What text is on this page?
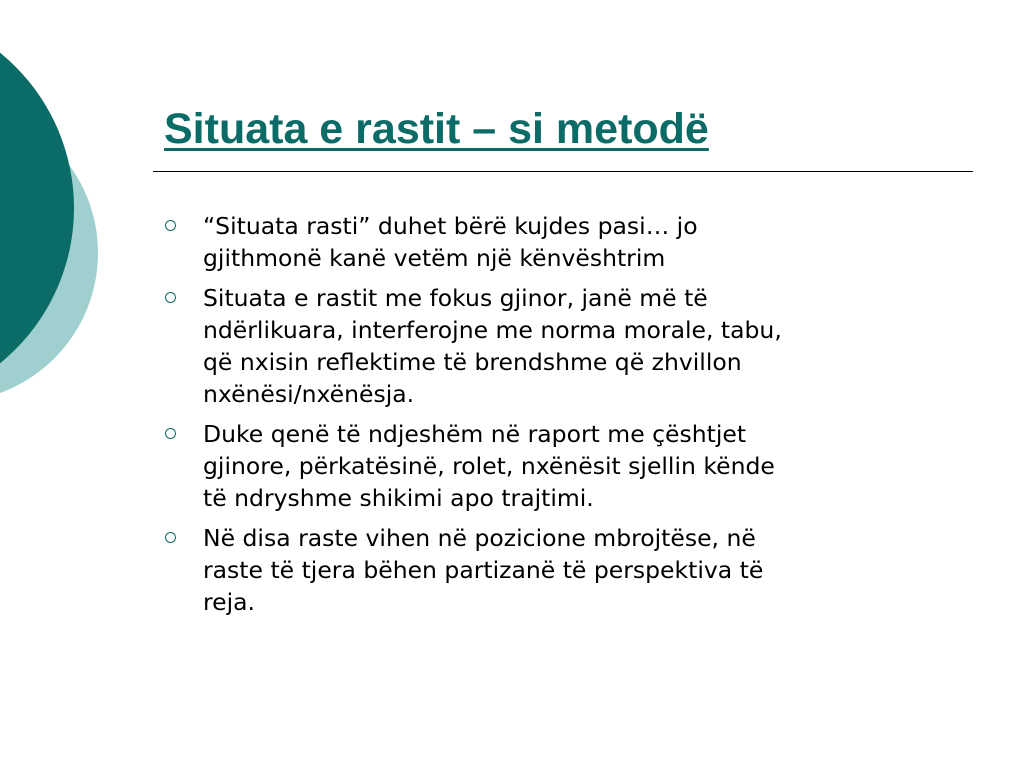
Situata e rastit – si metodë
“Situata rasti” duhet bërë kujdes pasi… jo
gjithmonë kanë vetëm një kënvështrim
Situata e rastit me fokus gjinor, janë më të
ndërlikuara, interferojne me norma morale, tabu,
që nxisin reflektime të brendshme që zhvillon
nxënësi/nxënësja.
Duke qenë të ndjeshëm në raport me çështjet
gjinore, përkatësinë, rolet, nxënësit sjellin kënde
të ndryshme shikimi apo trajtimi.
Në disa raste vihen në pozicione mbrojtëse, në
raste të tjera bëhen partizanë të perspektiva të
reja.
